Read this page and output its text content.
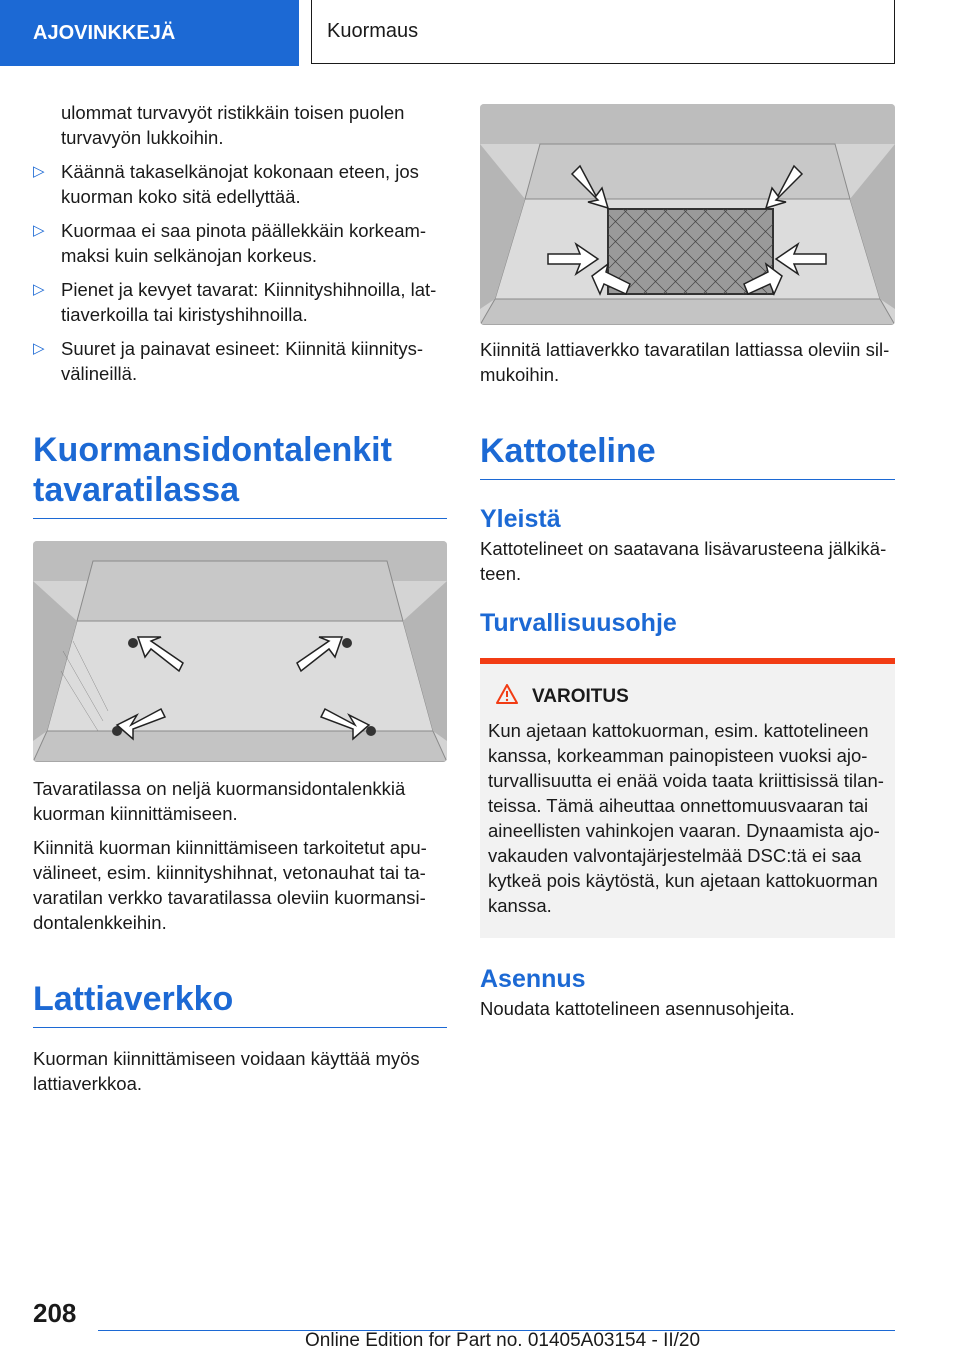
AJOVINKKEJÄ	Kuormaus

ulommat turvavyöt ristikkäin toisen puolen turvavyön lukkoihin.

▷ Käännä takaselkänojat kokonaan eteen, jos kuorman koko sitä edellyttää.
▷ Kuormaa ei saa pinota päällekkäin korkeam‐maksi kuin selkänojan korkeus.
▷ Pienet ja kevyet tavarat: Kiinnityshihnoilla, lat‐tiaverkoilla tai kiristyshihnoilla.
▷ Suuret ja painavat esineet: Kiinnitä kiinnitys‐välineillä.
Kuormansidontalenkit tavaratilassa

Tavaratilassa on neljä kuormansidontalenkkiä kuorman kiinnittämiseen.

Kiinnitä kuorman kiinnittämiseen tarkoitetut apu‐välineet, esim. kiinnityshihnat, vetonauhat tai ta‐varatilan verkko tavaratilassa oleviin kuormansi‐dontalenkkeihin.

Lattiaverkko

Kuorman kiinnittämiseen voidaan käyttää myös lattiaverkkoa.

Kiinnitä lattiaverkko tavaratilan lattiassa oleviin sil‐mukoihin.

Kattoteline
Yleistä

Kattotelineet on saatavana lisävarusteena jälkikä‐teen.

Turvallisuusohje
VAROITUS

Kun ajetaan kattokuorman, esim. kattotelineen kanssa, korkeamman painopisteen vuoksi ajo‐turvallisuutta ei enää voida taata kriittisissä tilan‐teissa. Tämä aiheuttaa onnettomuusvaaran tai aineellisten vahinkojen vaaran. Dynaamista ajo‐vakauden valvontajärjestelmää DSC:tä ei saa kytkeä pois käytöstä, kun ajetaan kattokuorman kanssa.

Asennus

Noudata kattotelineen asennusohjeita.

208
Online Edition for Part no. 01405A03154 - II/20
